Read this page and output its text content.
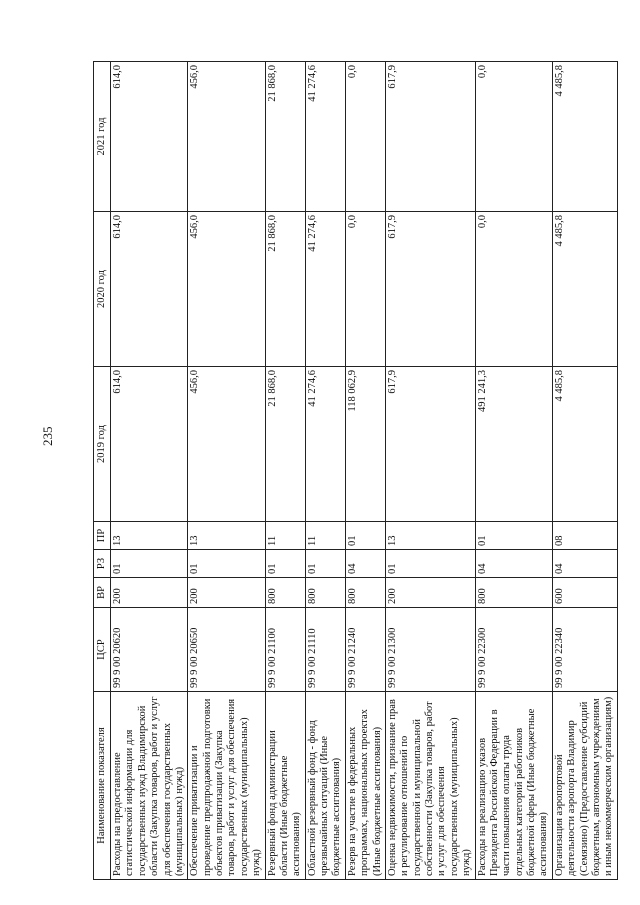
235
Наименование показателя	ЦСР	ВР	РЗ	ПР	2019 год	2020 год	2021 год
Расходы на предоставление статистической информации для государственных нужд Владимирской области (Закупка товаров, работ и услуг для обеспечения государственных (муниципальных) нужд)	99 9 00 20620	200	01	13	614,0	614,0	614,0
Обеспечение приватизации и проведение предпродажной подготовки объектов приватизации (Закупка товаров, работ и услуг для обеспечения государственных (муниципальных) нужд)	99 9 00 20650	200	01	13	456,0	456,0	456,0
Резервный фонд администрации области (Иные бюджетные ассигнования)	99 9 00 21100	800	01	11	21 868,0	21 868,0	21 868,0
Областной резервный фонд - фонд чрезвычайных ситуаций (Иные бюджетные ассигнования)	99 9 00 21110	800	01	11	41 274,6	41 274,6	41 274,6
Резерв на участие в федеральных программах, национальных проектах (Иные бюджетные ассигнования)	99 9 00 21240	800	04	01	118 062,9	0,0	0,0
Оценка недвижимости, признание прав и регулирование отношений по государственной и муниципальной собственности (Закупка товаров, работ и услуг для обеспечения государственных (муниципальных) нужд)	99 9 00 21300	200	01	13	617,9	617,9	617,9
Расходы на реализацию указов Президента Российской Федерации в части повышения оплаты труда отдельных категорий работников бюджетной сферы (Иные бюджетные ассигнования)	99 9 00 22300	800	04	01	491 241,3	0,0	0,0
Организация аэропортовой деятельности аэропорта Владимир (Семязино) (Предоставление субсидий бюджетным, автономным учреждениям и иным некоммерческим организациям)	99 9 00 22340	600	04	08	4 485,8	4 485,8	4 485,8
